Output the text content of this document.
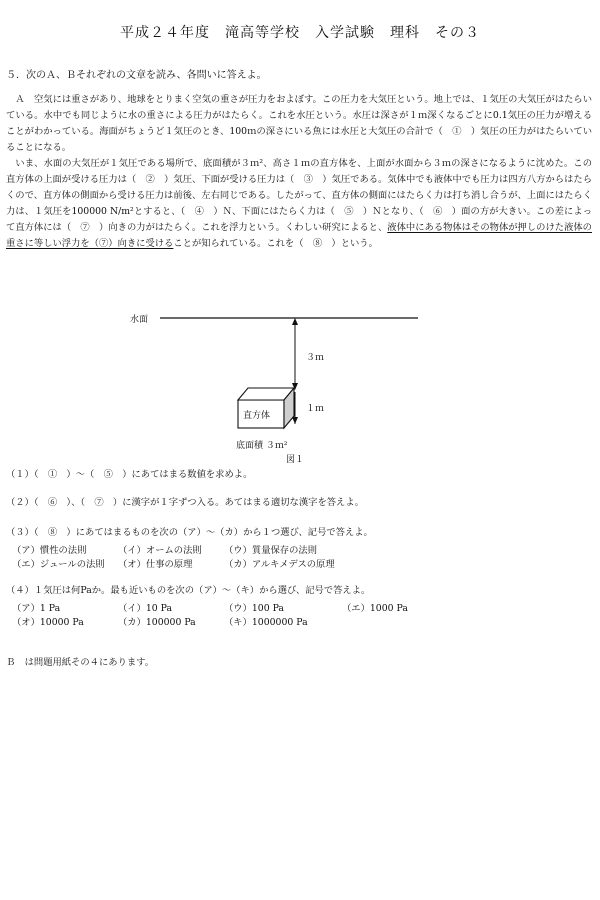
平成２４年度　滝高等学校　入学試験　理科　その３
５．次のＡ、Ｂそれぞれの文章を読み、各問いに答えよ。

Ａ　 空気には重さがあり、地球をとりまく空気の重さが圧力をおよぼす。この圧力を大気圧という。地上では、１気圧の大気圧がはたらいている。水中でも同じように水の重さによる圧力がはたらく。これを水圧という。水圧は深さが１ｍ深くなるごとに0.1気圧の圧力が増えることがわかっている。海面がちょうど１気圧のとき、100ｍの深さにいる魚には水圧と大気圧の合計で（　①　）気圧の圧力がはたらいていることになる。

いま、水面の大気圧が１気圧である場所で、底面積が３ｍ²、高さ１ｍの直方体を、上面が水面から３ｍの深さになるように沈めた。この直方体の上面が受ける圧力は（　②　）気圧、下面が受ける圧力は（　③　）気圧である。気体中でも液体中でも圧力は四方八方からはたらくので、直方体の側面から受ける圧力は前後、左右同じである。したがって、直方体の側面にはたらく力は打ち消し合うが、上面にはたらく力は、１気圧を100000 N/m²とすると、（　④　）Ｎ、下面にはたらく力は（　⑤　）Ｎとなり、（　⑥　）面の方が大きい。この差によって直方体には（　⑦　）向きの力がはたらく。これを浮力という。くわしい研究によると、液体中にある物体はその物体が押しのけた液体の重さに等しい浮力を（⑦）向きに受けることが知られている。これを（　⑧　）という。

水面
３ｍ
１ｍ
直方体
底面積 ３ｍ²
図１
（１）（　①　）～（　⑤　）にあてはまる数値を求めよ。
（２）（　⑥　）、（　⑦　）に漢字が１字ずつ入る。あてはまる適切な漢字を答えよ。
（３）（　⑧　）にあてはまるものを次の（ア）～（カ）から１つ選び、記号で答えよ。
（ア）慣性の法則	（イ）オームの法則 （ウ）質量保存の法則
（エ）ジュールの法則 （オ）仕事の原理	（カ）アルキメデスの原理
（４）１気圧は何Paか。最も近いものを次の（ア）～（キ）から選び、記号で答えよ。
（ア）1 Pa	（イ）10 Pa	（ウ）100 Pa	（エ）1000 Pa
（オ）10000 Pa	（カ）100000 Pa	（キ）1000000 Pa
Ｂ　は問題用紙その４にあります。
